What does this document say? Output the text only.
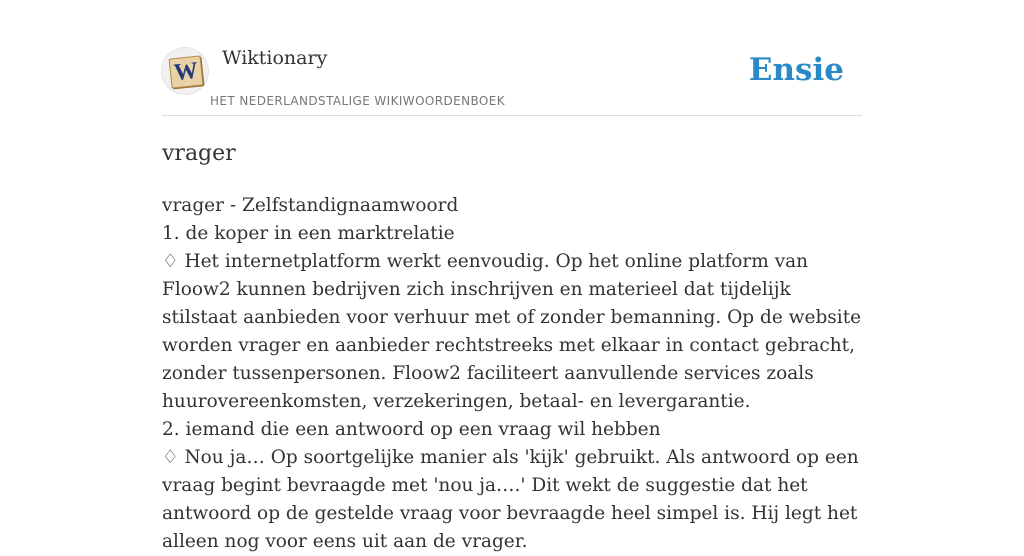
W Wiktionary
HET NEDERLANDSTALIGE WIKIWOORDENBOEK
Ensie
vrager

vrager - Zelfstandignaamwoord

1. de koper in een marktrelatie

♢ Het internetplatform werkt eenvoudig. Op het online platform van Floow2 kunnen bedrijven zich inschrijven en materieel dat tijdelijk stilstaat aanbieden voor verhuur met of zonder bemanning. Op de website worden vrager en aanbieder rechtstreeks met elkaar in contact gebracht, zonder tussenpersonen. Floow2 faciliteert aanvullende services zoals huurovereenkomsten, verzekeringen, betaal- en levergarantie.

2. iemand die een antwoord op een vraag wil hebben

♢ Nou ja… Op soortgelijke manier als 'kijk' gebruikt. Als antwoord op een vraag begint bevraagde met 'nou ja….' Dit wekt de suggestie dat het antwoord op de gestelde vraag voor bevraagde heel simpel is. Hij legt het alleen nog voor eens uit aan de vrager.
